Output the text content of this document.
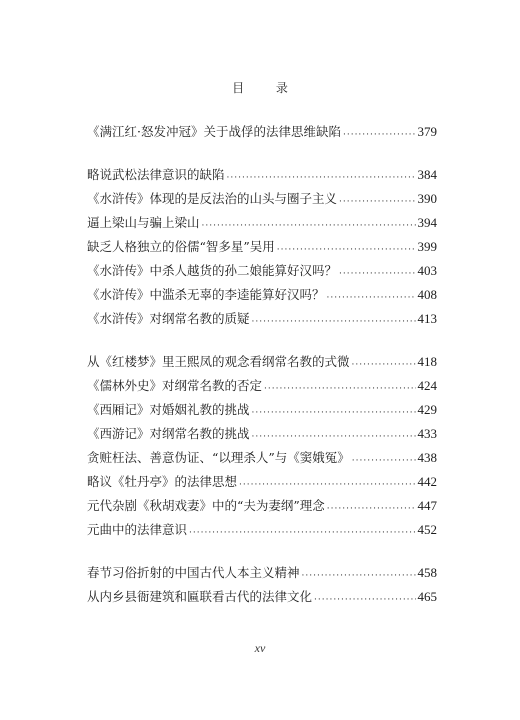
目 录
《满江红·怒发冲冠》关于战俘的法律思维缺陷 ·····	379
略说武松法律意识的缺陷 ·····	384
《水浒传》体现的是反法治的山头与圈子主义 ·····	390
逼上梁山与骗上梁山 ·····	394
缺乏人格独立的俗儒“智多星”吴用 ·····	399
《水浒传》中杀人越货的孙二娘能算好汉吗？ ·····	403
《水浒传》中滥杀无辜的李逵能算好汉吗？ ·····	408
《水浒传》对纲常名教的质疑 ·····	413
从《红楼梦》里王熙凤的观念看纲常名教的式微 ·····	418
《儒林外史》对纲常名教的否定 ·····	424
《西厢记》对婚姻礼教的挑战 ·····	429
《西游记》对纲常名教的挑战 ·····	433
贪赃枉法、善意伪证、“以理杀人”与《窦娥冤》 ·····	438
略议《牡丹亭》的法律思想 ·····	442
元代杂剧《秋胡戏妻》中的“夫为妻纲”理念 ·····	447
元曲中的法律意识 ·····	452
春节习俗折射的中国古代人本主义精神 ·····	458
从内乡县衙建筑和匾联看古代的法律文化 ·····	465
xv
